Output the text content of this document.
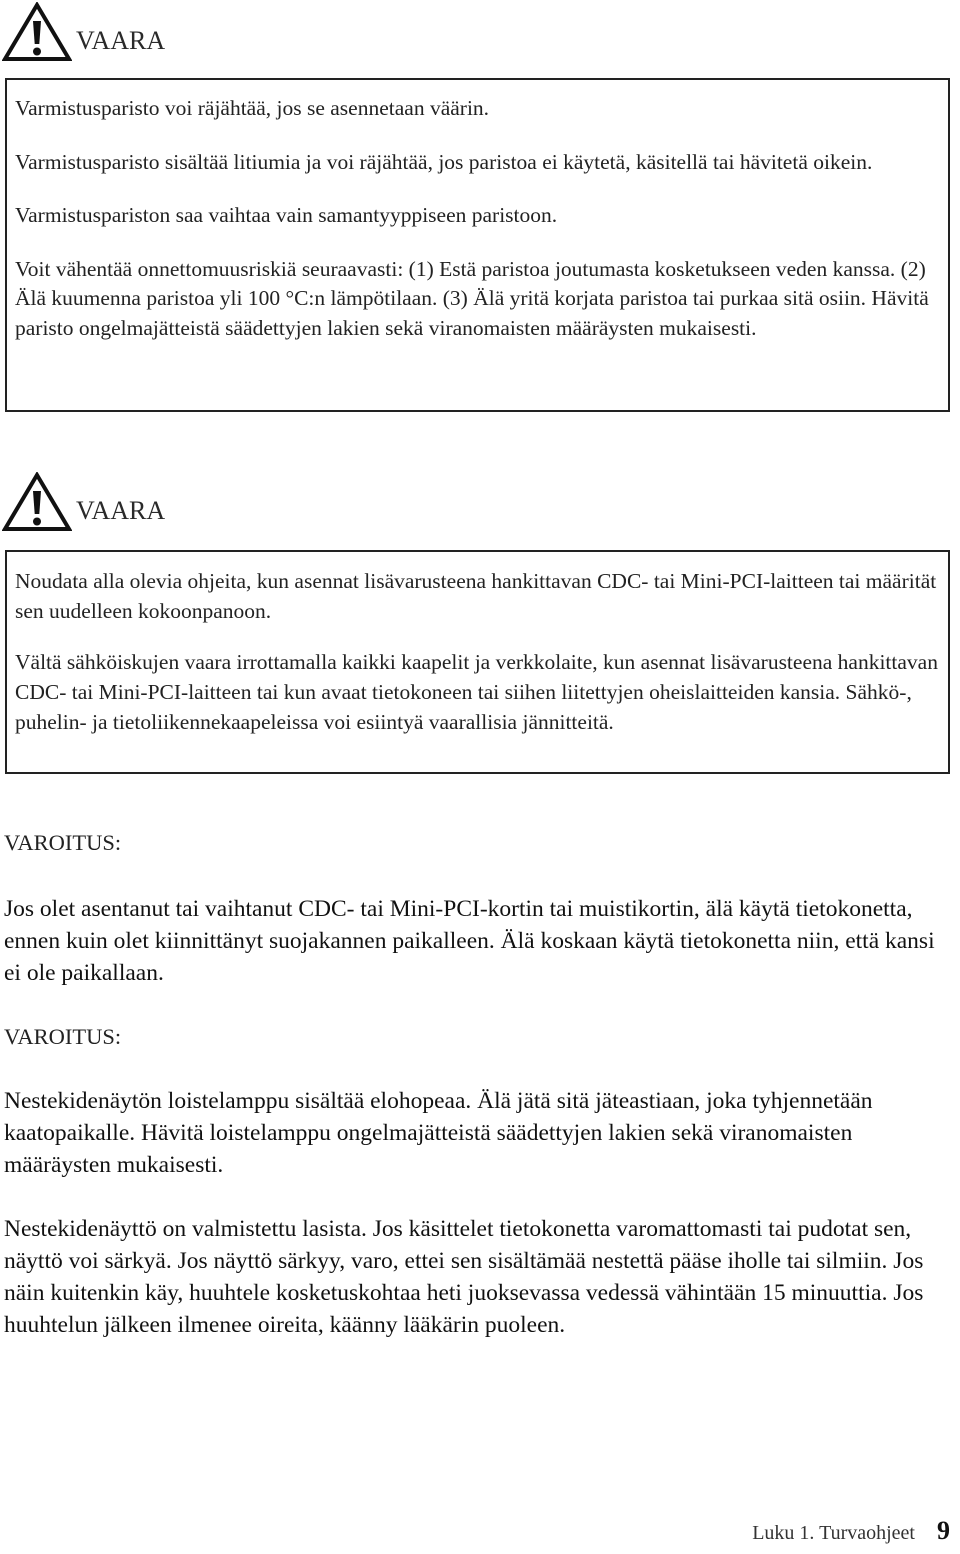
VAARA

Varmistusparisto voi räjähtää, jos se asennetaan väärin.

Varmistusparisto sisältää litiumia ja voi räjähtää, jos paristoa ei käytetä, käsitellä tai hävitetä oikein.

Varmistuspariston saa vaihtaa vain samantyyppiseen paristoon.

Voit vähentää onnettomuusriskiä seuraavasti: (1) Estä paristoa joutumasta kosketukseen veden kanssa. (2) Älä kuumenna paristoa yli 100 °C:n lämpötilaan. (3) Älä yritä korjata paristoa tai purkaa sitä osiin. Hävitä paristo ongelmajätteistä säädettyjen lakien sekä viranomaisten määräysten mukaisesti.

VAARA

Noudata alla olevia ohjeita, kun asennat lisävarusteena hankittavan CDC- tai Mini-PCI-laitteen tai määrität sen uudelleen kokoonpanoon.

Vältä sähköiskujen vaara irrottamalla kaikki kaapelit ja verkkolaite, kun asennat lisävarusteena hankittavan CDC- tai Mini-PCI-laitteen tai kun avaat tietokoneen tai siihen liitettyjen oheislaitteiden kansia. Sähkö-, puhelin- ja tietoliikennekaapeleissa voi esiintyä vaarallisia jännitteitä.

VAROITUS:

Jos olet asentanut tai vaihtanut CDC- tai Mini-PCI-kortin tai muistikortin, älä käytä tietokonetta, ennen kuin olet kiinnittänyt suojakannen paikalleen. Älä koskaan käytä tietokonetta niin, että kansi ei ole paikallaan.

VAROITUS:

Nestekidenäytön loistelamppu sisältää elohopeaa. Älä jätä sitä jäteastiaan, joka tyhjennetään kaatopaikalle. Hävitä loistelamppu ongelmajätteistä säädettyjen lakien sekä viranomaisten määräysten mukaisesti.

Nestekidenäyttö on valmistettu lasista. Jos käsittelet tietokonetta varomattomasti tai pudotat sen, näyttö voi särkyä. Jos näyttö särkyy, varo, ettei sen sisältämää nestettä pääse iholle tai silmiin. Jos näin kuitenkin käy, huuhtele kosketuskohtaa heti juoksevassa vedessä vähintään 15 minuuttia. Jos huuhtelun jälkeen ilmenee oireita, käänny lääkärin puoleen.

Luku 1. Turvaohjeet 9
